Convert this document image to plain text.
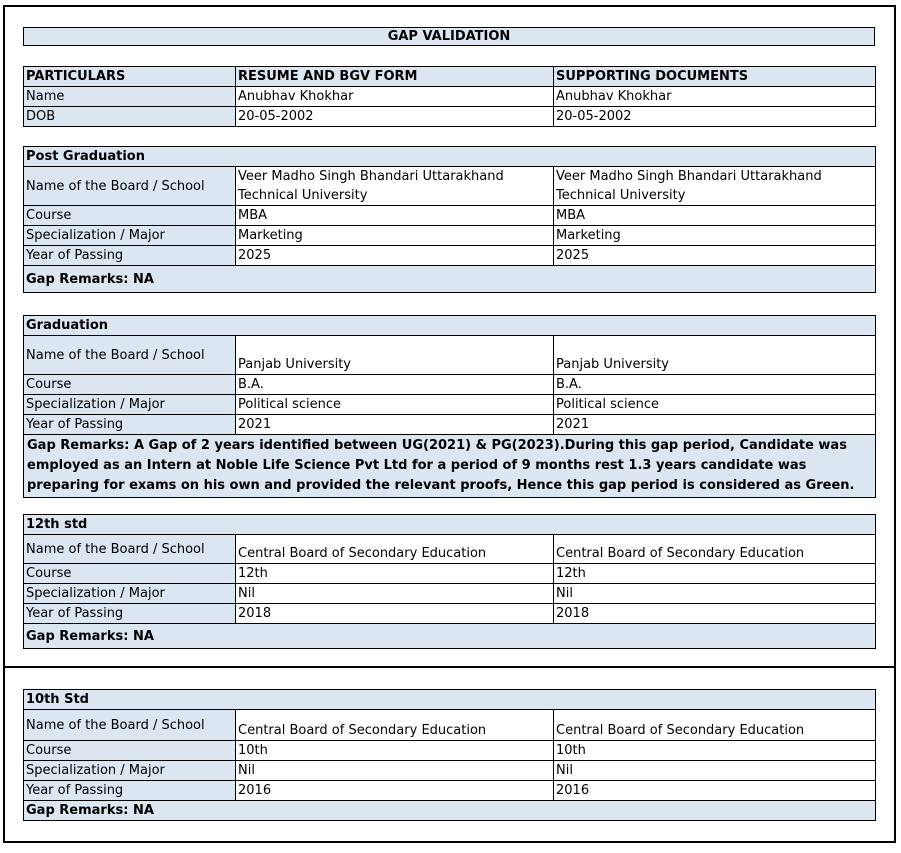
GAP VALIDATION
PARTICULARS	RESUME AND BGV FORM	SUPPORTING DOCUMENTS
Name	Anubhav Khokhar	Anubhav Khokhar
DOB	20-05-2002	20-05-2002
Post Graduation		
Name of the Board / School	Veer Madho Singh Bhandari Uttarakhand Technical University	Veer Madho Singh Bhandari Uttarakhand Technical University
Course	MBA	MBA
Specialization / Major	Marketing	Marketing
Year of Passing	2025	2025
Gap Remarks: NA		
Graduation		
Name of the Board / School	Panjab University	Panjab University
Course	B.A.	B.A.
Specialization / Major	Political science	Political science
Year of Passing	2021	2021
Gap Remarks: A Gap of 2 years identified between UG(2021) & PG(2023).During this gap period, Candidate was employed as an Intern at Noble Life Science Pvt Ltd for a period of 9 months rest 1.3 years candidate was preparing for exams on his own and provided the relevant proofs, Hence this gap period is considered as Green.		
12th std		
Name of the Board / School	Central Board of Secondary Education	Central Board of Secondary Education
Course	12th	12th
Specialization / Major	Nil	Nil
Year of Passing	2018	2018
Gap Remarks: NA		
10th Std		
Name of the Board / School	Central Board of Secondary Education	Central Board of Secondary Education
Course	10th	10th
Specialization / Major	Nil	Nil
Year of Passing	2016	2016
Gap Remarks: NA		
